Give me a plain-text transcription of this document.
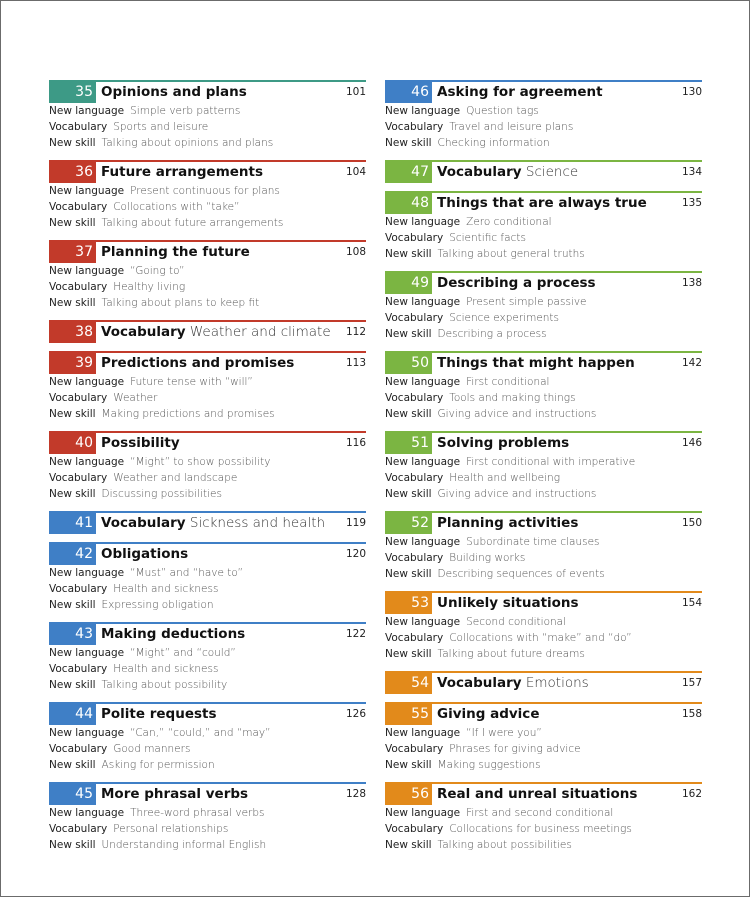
35 Opinions and plans	101
New language Simple verb patterns
Vocabulary Sports and leisure
New skill Talking about opinions and plans
36 Future arrangements	104
New language Present continuous for plans
Vocabulary Collocations with “take”
New skill Talking about future arrangements
37 Planning the future	108
New language “Going to”
Vocabulary Healthy living
New skill Talking about plans to keep fit
38 Vocabulary Weather and climate 112
39 Predictions and promises	113
New language Future tense with “will”
Vocabulary Weather
New skill Making predictions and promises
40 Possibility	116
New language “Might” to show possibility
Vocabulary Weather and landscape
New skill Discussing possibilities
41 Vocabulary Sickness and health 119
42 Obligations	120
New language “Must” and “have to”
Vocabulary Health and sickness
New skill Expressing obligation
43 Making deductions	122
New language “Might” and “could”
Vocabulary Health and sickness
New skill Talking about possibility
44 Polite requests	126
New language “Can,” “could,” and “may”
Vocabulary Good manners
New skill Asking for permission
45 More phrasal verbs	128
New language Three-word phrasal verbs
Vocabulary Personal relationships
New skill Understanding informal English
46 Asking for agreement	130
New language Question tags
Vocabulary Travel and leisure plans
New skill Checking information
47 Vocabulary Science	134
48 Things that are always true	135
New language Zero conditional
Vocabulary Scientific facts
New skill Talking about general truths
49 Describing a process	138
New language Present simple passive
Vocabulary Science experiments
New skill Describing a process
50 Things that might happen	142
New language First conditional
Vocabulary Tools and making things
New skill Giving advice and instructions
51 Solving problems	146
New language First conditional with imperative
Vocabulary Health and wellbeing
New skill Giving advice and instructions
52 Planning activities	150
New language Subordinate time clauses
Vocabulary Building works
New skill Describing sequences of events
53 Unlikely situations	154
New language Second conditional
Vocabulary Collocations with “make” and “do”
New skill Talking about future dreams
54 Vocabulary Emotions	157
55 Giving advice	158
New language “If I were you”
Vocabulary Phrases for giving advice
New skill Making suggestions
56 Real and unreal situations	162
New language First and second conditional
Vocabulary Collocations for business meetings
New skill Talking about possibilities
